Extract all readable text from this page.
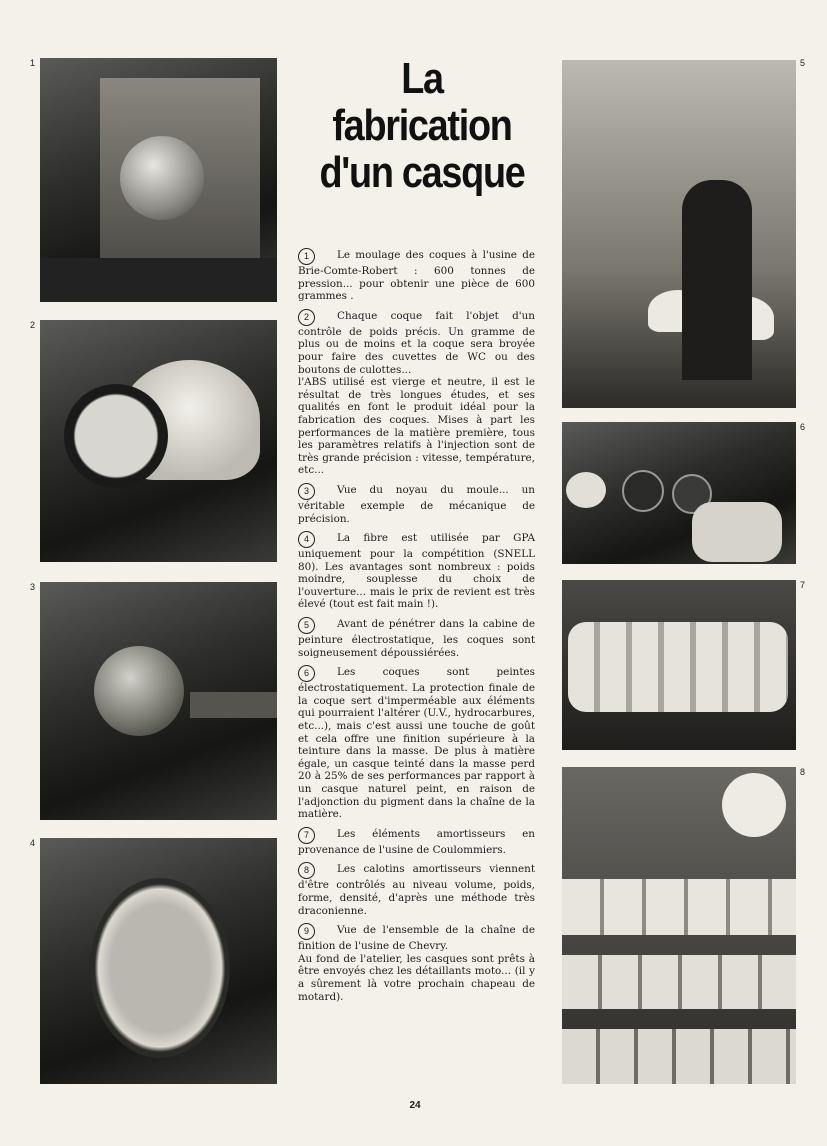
La
fabrication
d'un casque
1
2
3
4
5
6
7
8

1	Le moulage des coques à l'usine de Brie-Comte-Robert : 600 tonnes de pression... pour obtenir une pièce de 600 grammes .

2	Chaque coque fait l'objet d'un contrôle de poids précis. Un gramme de plus ou de moins et la coque sera broyée pour faire des cuvettes de WC ou des boutons de culottes...
l'ABS utilisé est vierge et neutre, il est le résultat de très longues études, et ses qualités en font le produit idéal pour la fabrication des coques. Mises à part les performances de la matière première, tous les paramètres relatifs à l'injection sont de très grande précision : vitesse, température, etc...

3	Vue du noyau du moule... un véritable exemple de mécanique de précision.

4	La fibre est utilisée par GPA uniquement pour la compétition (SNELL 80). Les avantages sont nombreux : poids moindre, souplesse du choix de l'ouverture... mais le prix de revient est très élevé (tout est fait main !).

5	Avant de pénétrer dans la cabine de peinture électrostatique, les coques sont soigneusement dépoussiérées.

6	Les coques sont peintes électrostatiquement. La protection finale de la coque sert d'imperméable aux éléments qui pourraient l'altérer (U.V., hydrocarbures, etc...), mais c'est aussi une touche de goût et cela offre une finition supérieure à la teinture dans la masse. De plus à matière égale, un casque teinté dans la masse perd 20 à 25% de ses performances par rapport à un casque naturel peint, en raison de l'adjonction du pigment dans la chaîne de la matière.

7	Les éléments amortisseurs en provenance de l'usine de Coulommiers.

8	Les calotins amortisseurs viennent d'être contrôlés au niveau volume, poids, forme, densité, d'après une méthode très draconienne.

9	Vue de l'ensemble de la chaîne de finition de l'usine de Chevry.
Au fond de l'atelier, les casques sont prêts à être envoyés chez les détaillants moto... (il y a sûrement là votre prochain chapeau de motard).

24
